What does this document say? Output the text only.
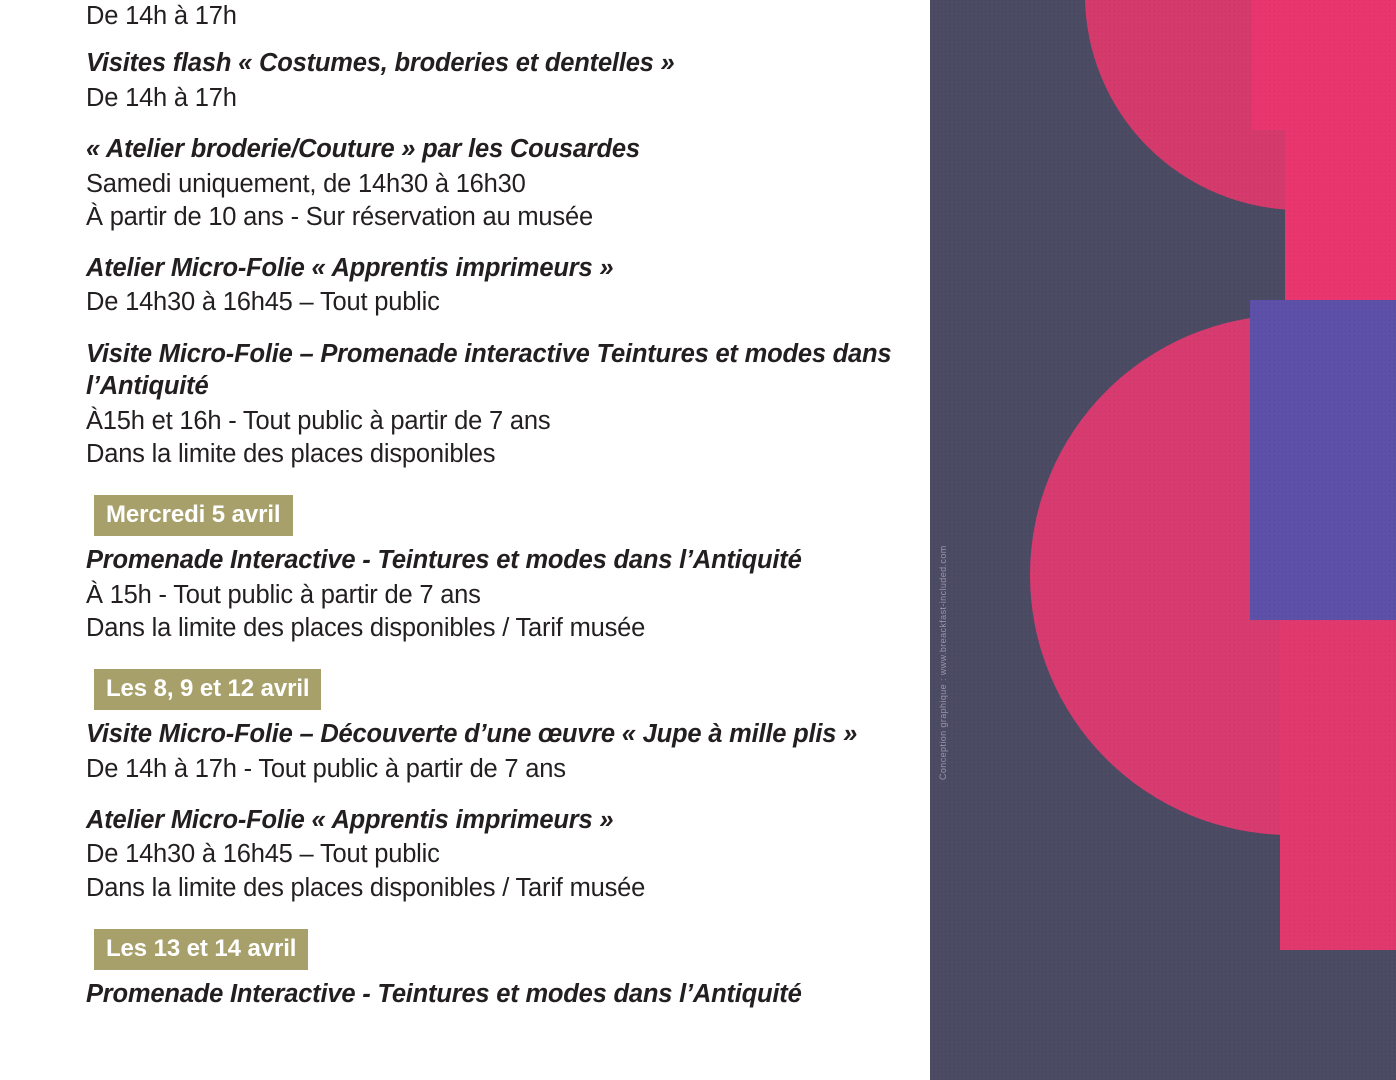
De 14h à 17h

Visites flash « Costumes, broderies et dentelles »
De 14h à 17h
« Atelier broderie/Couture » par les Cousardes
Samedi uniquement, de 14h30 à 16h30
À partir de 10 ans - Sur réservation au musée
Atelier Micro-Folie « Apprentis imprimeurs »
De 14h30 à 16h45 – Tout public
Visite Micro-Folie – Promenade interactive Teintures et modes dans l’Antiquité
À15h et 16h - Tout public à partir de 7 ans
Dans la limite des places disponibles
Mercredi 5 avril
Promenade Interactive - Teintures et modes dans l’Antiquité
À 15h - Tout public à partir de 7 ans
Dans la limite des places disponibles / Tarif musée
Les 8, 9 et 12 avril
Visite Micro-Folie – Découverte d’une œuvre « Jupe à mille plis »
De 14h à 17h - Tout public à partir de 7 ans
Atelier Micro-Folie « Apprentis imprimeurs »
De 14h30 à 16h45 – Tout public
Dans la limite des places disponibles / Tarif musée
Les 13 et 14 avril
Promenade Interactive - Teintures et modes dans l’Antiquité
Conception graphique : www.breackfast-included.com
